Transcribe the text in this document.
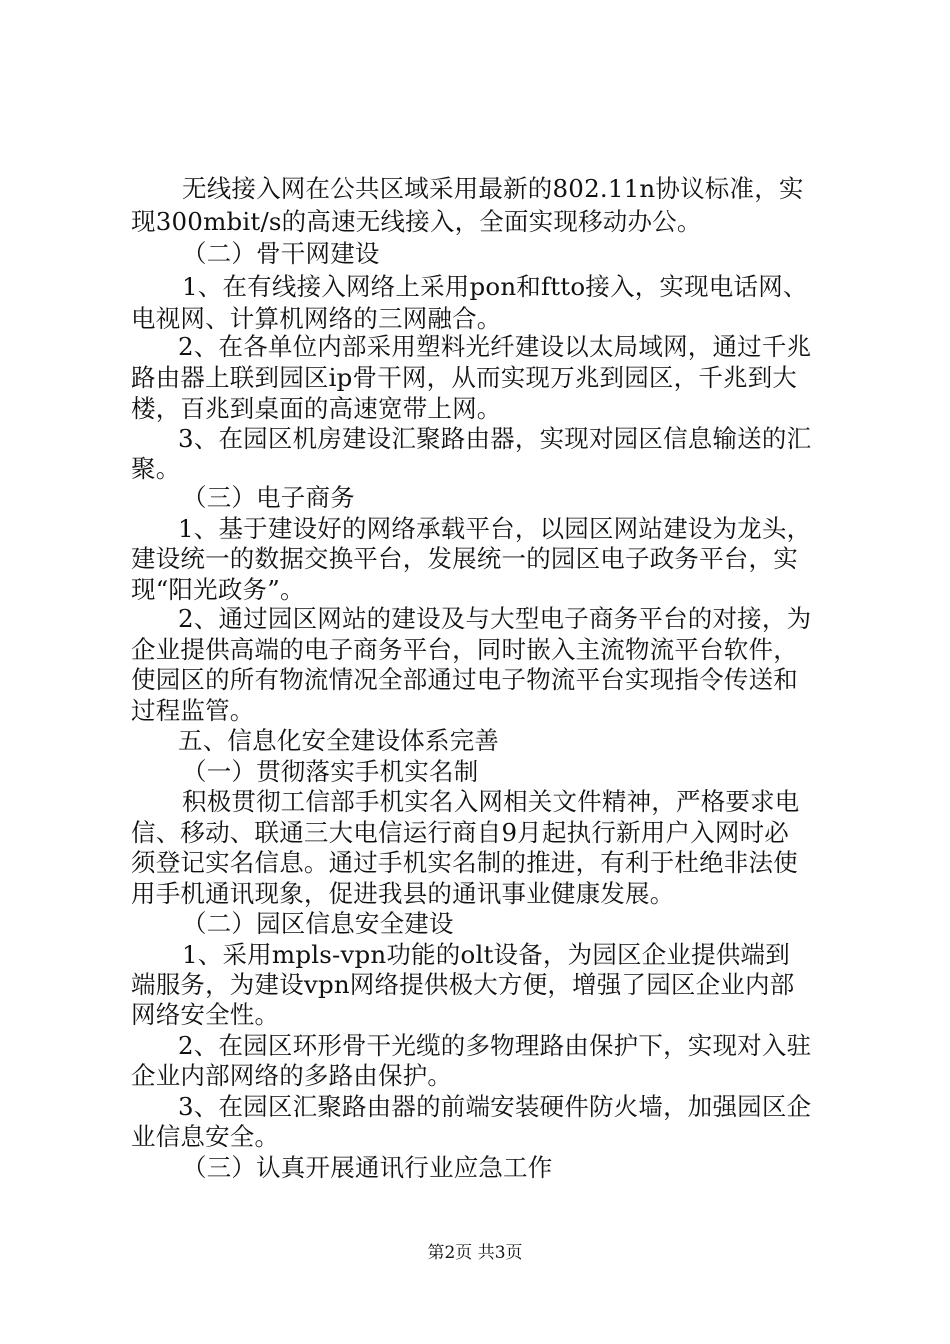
无线接入网在公共区域采用最新的802.11n协议标准，实
现300mbit/s的高速无线接入，全面实现移动办公。
（二）骨干网建设
1、在有线接入网络上采用pon和ftto接入，实现电话网、
电视网、计算机网络的三网融合。
2、在各单位内部采用塑料光纤建设以太局域网，通过千兆
路由器上联到园区ip骨干网，从而实现万兆到园区，千兆到大
楼，百兆到桌面的高速宽带上网。
3、在园区机房建设汇聚路由器，实现对园区信息输送的汇
聚。
（三）电子商务
1、基于建设好的网络承载平台，以园区网站建设为龙头，
建设统一的数据交换平台，发展统一的园区电子政务平台，实
现“阳光政务”。
2、通过园区网站的建设及与大型电子商务平台的对接，为
企业提供高端的电子商务平台，同时嵌入主流物流平台软件，
使园区的所有物流情况全部通过电子物流平台实现指令传送和
过程监管。
五、信息化安全建设体系完善
（一）贯彻落实手机实名制
积极贯彻工信部手机实名入网相关文件精神，严格要求电
信、移动、联通三大电信运行商自9月起执行新用户入网时必
须登记实名信息。通过手机实名制的推进，有利于杜绝非法使
用手机通讯现象，促进我县的通讯事业健康发展。
（二）园区信息安全建设
1、采用mpls-vpn功能的olt设备，为园区企业提供端到
端服务，为建设vpn网络提供极大方便，增强了园区企业内部
网络安全性。
2、在园区环形骨干光缆的多物理路由保护下，实现对入驻
企业内部网络的多路由保护。
3、在园区汇聚路由器的前端安装硬件防火墙，加强园区企
业信息安全。
（三）认真开展通讯行业应急工作
第2页 共3页
